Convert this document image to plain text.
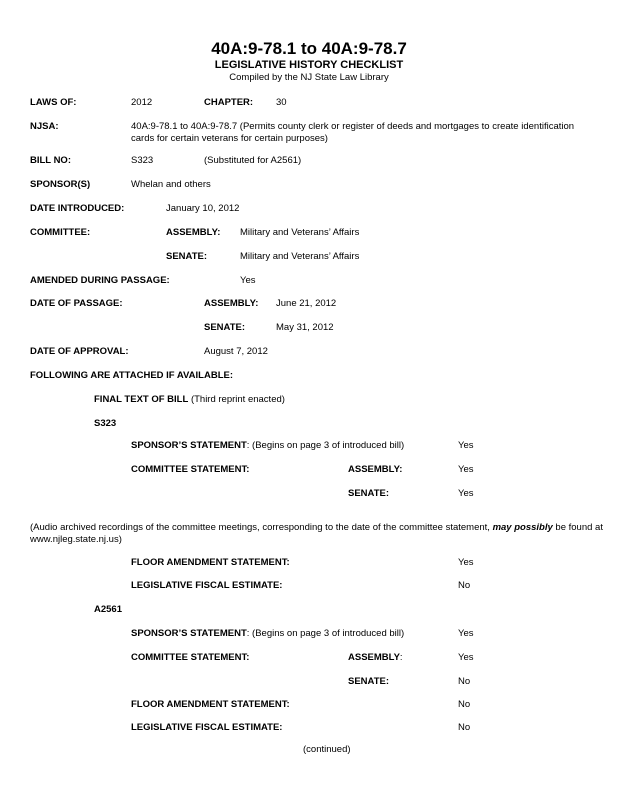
40A:9-78.1 to 40A:9-78.7
LEGISLATIVE HISTORY CHECKLIST
Compiled by the NJ State Law Library
LAWS OF:	2012	CHAPTER: 30
NJSA:	40A:9-78.1 to 40A:9-78.7 (Permits county clerk or register of deeds and mortgages to create identification cards for certain veterans for certain purposes)
BILL NO:	S323	(Substituted for A2561)
SPONSOR(S)	Whelan and others
DATE INTRODUCED:	January 10, 2012
COMMITTEE:	ASSEMBLY: Military and Veterans’ Affairs
SENATE:	Military and Veterans’ Affairs
AMENDED DURING PASSAGE:	Yes
DATE OF PASSAGE:	ASSEMBLY: June 21, 2012
SENATE:	May 31, 2012
DATE OF APPROVAL:	August 7, 2012
FOLLOWING ARE ATTACHED IF AVAILABLE:
FINAL TEXT OF BILL (Third reprint enacted)
S323
SPONSOR’S STATEMENT: (Begins on page 3 of introduced bill)	Yes
COMMITTEE STATEMENT:	ASSEMBLY:	Yes
SENATE:	Yes
(Audio archived recordings of the committee meetings, corresponding to the date of the committee statement, may possibly be found at www.njleg.state.nj.us)
FLOOR AMENDMENT STATEMENT:	Yes
LEGISLATIVE FISCAL ESTIMATE:	No
A2561
SPONSOR’S STATEMENT: (Begins on page 3 of introduced bill)	Yes
COMMITTEE STATEMENT:	ASSEMBLY:	Yes
SENATE:	No
FLOOR AMENDMENT STATEMENT:	No
LEGISLATIVE FISCAL ESTIMATE:	No
(continued)
